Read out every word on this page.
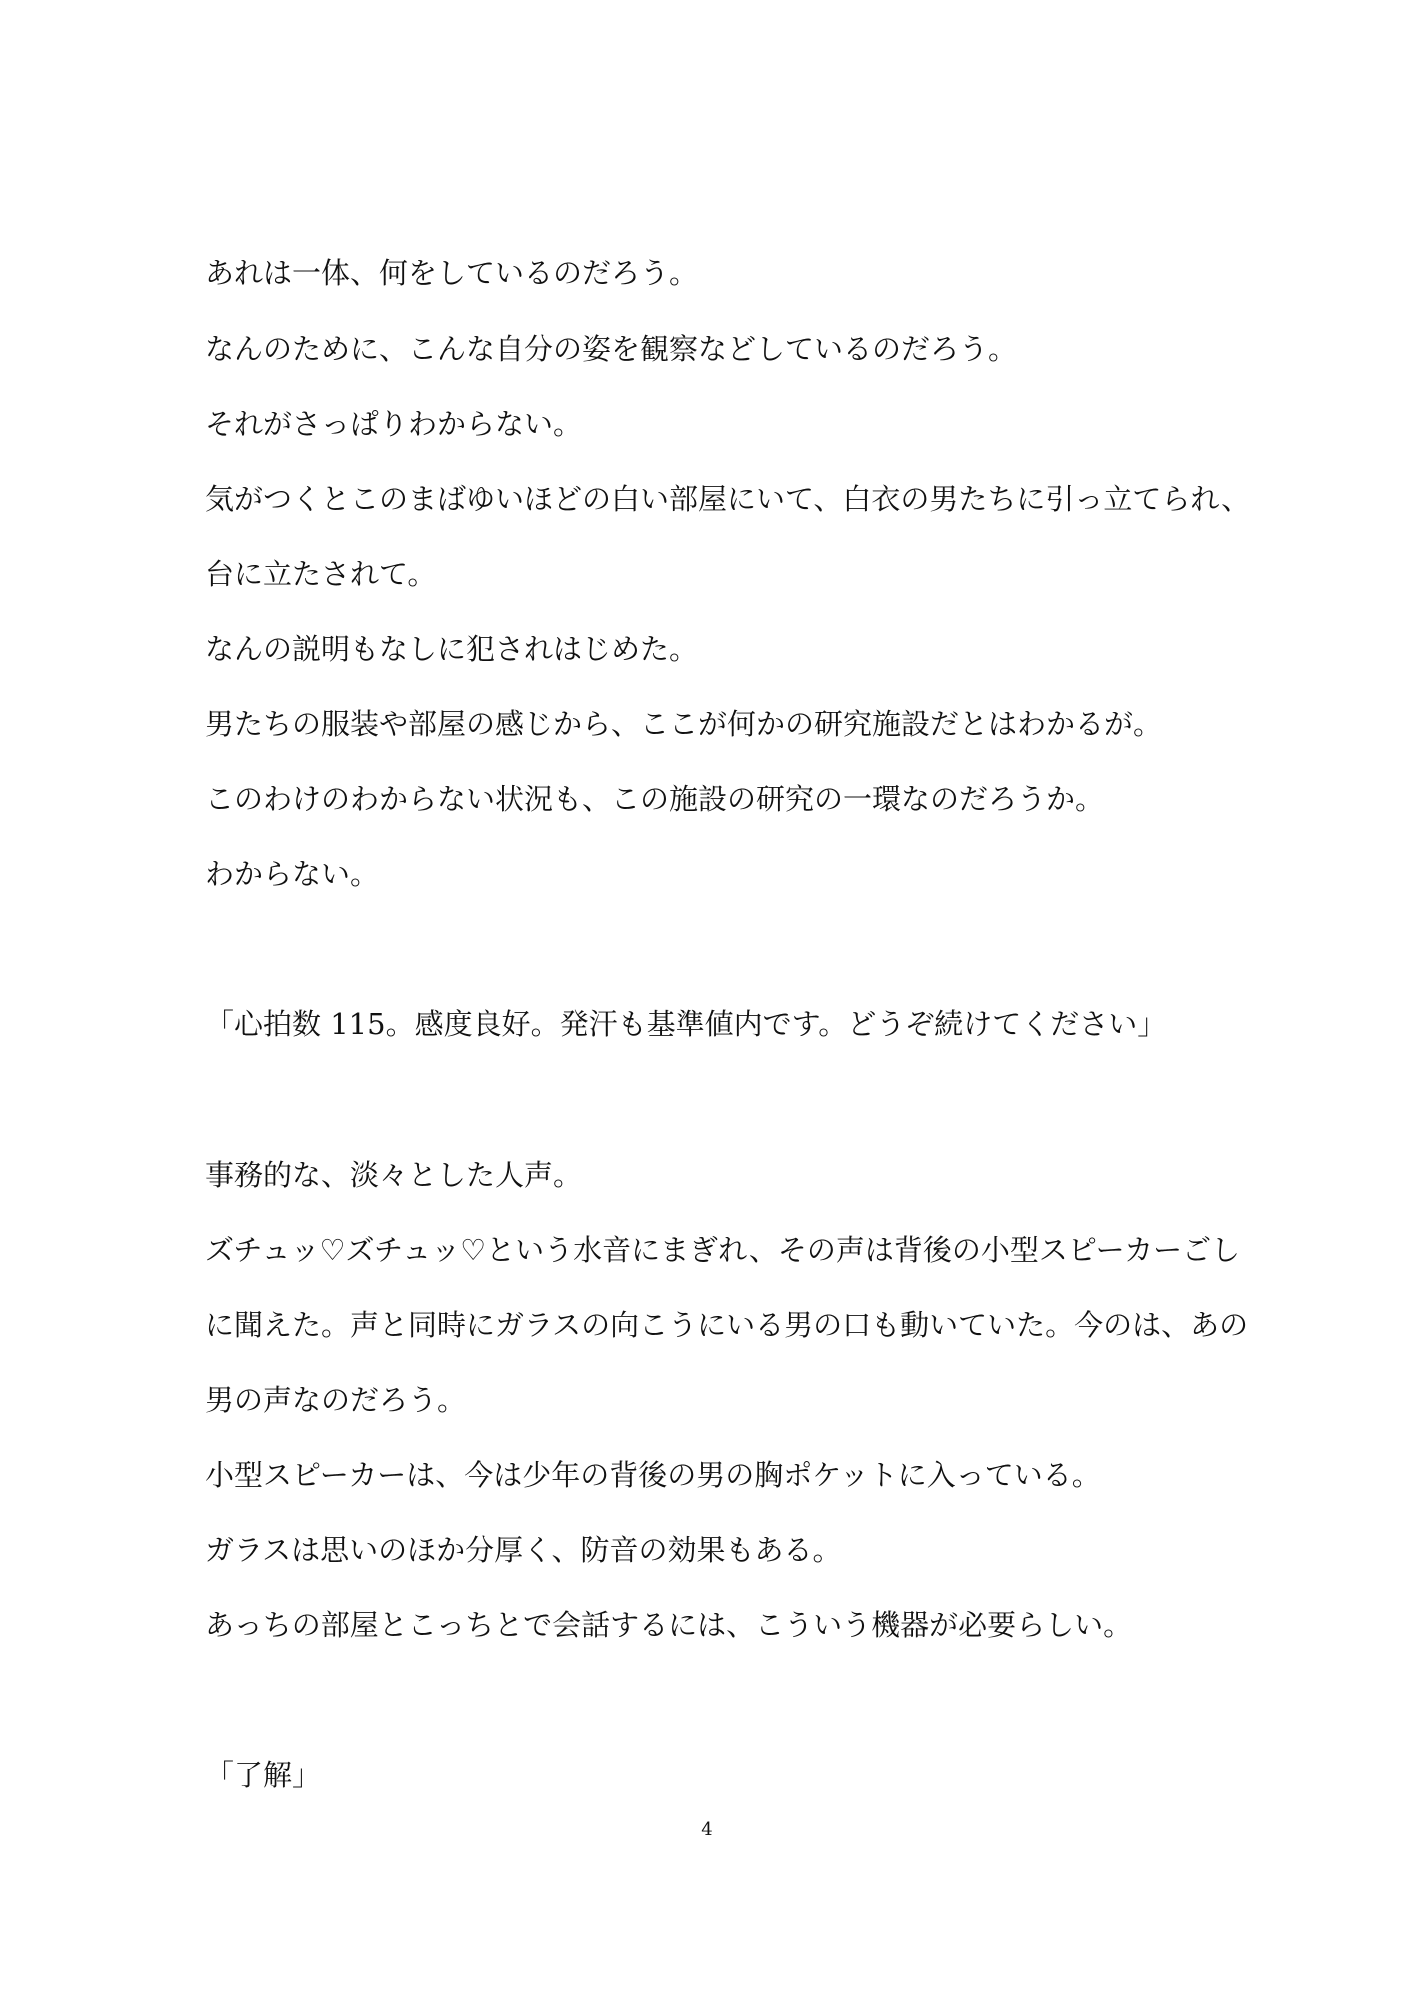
あれは一体、何をしているのだろう。
なんのために、こんな自分の姿を観察などしているのだろう。
それがさっぱりわからない。
気がつくとこのまばゆいほどの白い部屋にいて、白衣の男たちに引っ立てられ、
台に立たされて。
なんの説明もなしに犯されはじめた。
男たちの服装や部屋の感じから、ここが何かの研究施設だとはわかるが。
このわけのわからない状況も、この施設の研究の一環なのだろうか。
わからない。
「心拍数 115。感度良好。発汗も基準値内です。どうぞ続けてください」
事務的な、淡々とした人声。
ズチュッ♡ズチュッ♡という水音にまぎれ、その声は背後の小型スピーカーごし
に聞えた。声と同時にガラスの向こうにいる男の口も動いていた。今のは、あの
男の声なのだろう。
小型スピーカーは、今は少年の背後の男の胸ポケットに入っている。
ガラスは思いのほか分厚く、防音の効果もある。
あっちの部屋とこっちとで会話するには、こういう機器が必要らしい。
「了解」
4
